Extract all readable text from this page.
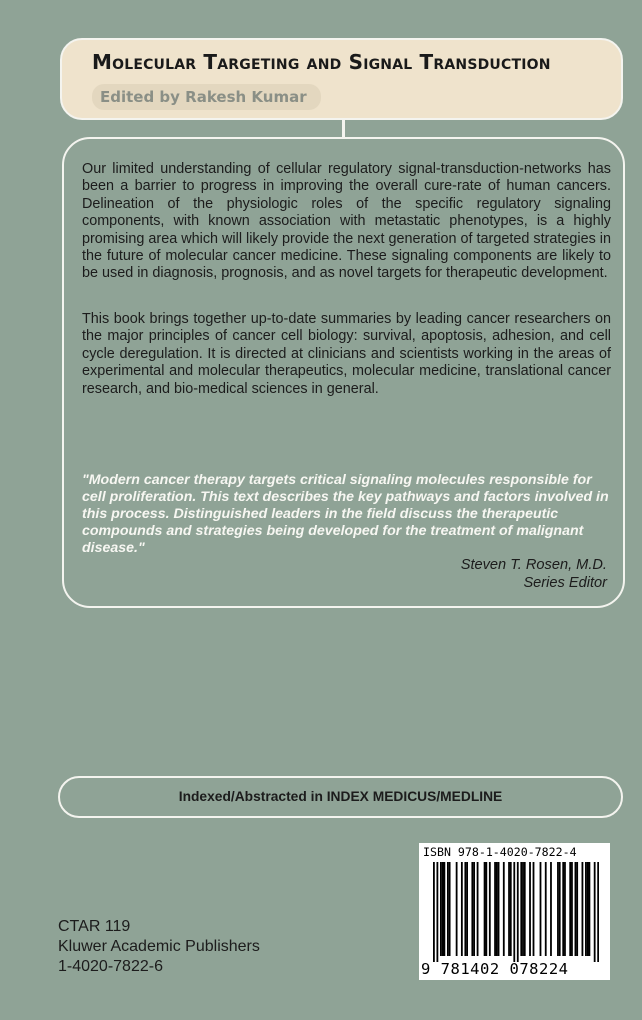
Molecular Targeting and Signal Transduction
Edited by Rakesh Kumar

Our limited understanding of cellular regulatory signal-transduction-networks has been a barrier to progress in improving the overall cure-rate of human cancers. Delineation of the physiologic roles of the specific regulatory signaling components, with known association with metastatic phenotypes, is a highly promising area which will likely provide the next generation of targeted strategies in the future of molecular cancer medicine. These signaling components are likely to be used in diagnosis, prognosis, and as novel targets for therapeutic development.

This book brings together up-to-date summaries by leading cancer researchers on the major principles of cancer cell biology: survival, apoptosis, adhesion, and cell cycle deregulation. It is directed at clinicians and scientists working in the areas of experimental and molecular therapeutics, molecular medicine, translational cancer research, and bio-medical sciences in general.

"Modern cancer therapy targets critical signaling molecules responsible for cell proliferation. This text describes the key pathways and factors involved in this process. Distinguished leaders in the field discuss the therapeutic compounds and strategies being developed for the treatment of malignant disease."

Steven T. Rosen, M.D.

Series Editor

Indexed/Abstracted in INDEX MEDICUS/MEDLINE

ISBN 978-1-4020-7822-4

9 781402 078224

CTAR 119

Kluwer Academic Publishers

1-4020-7822-6
